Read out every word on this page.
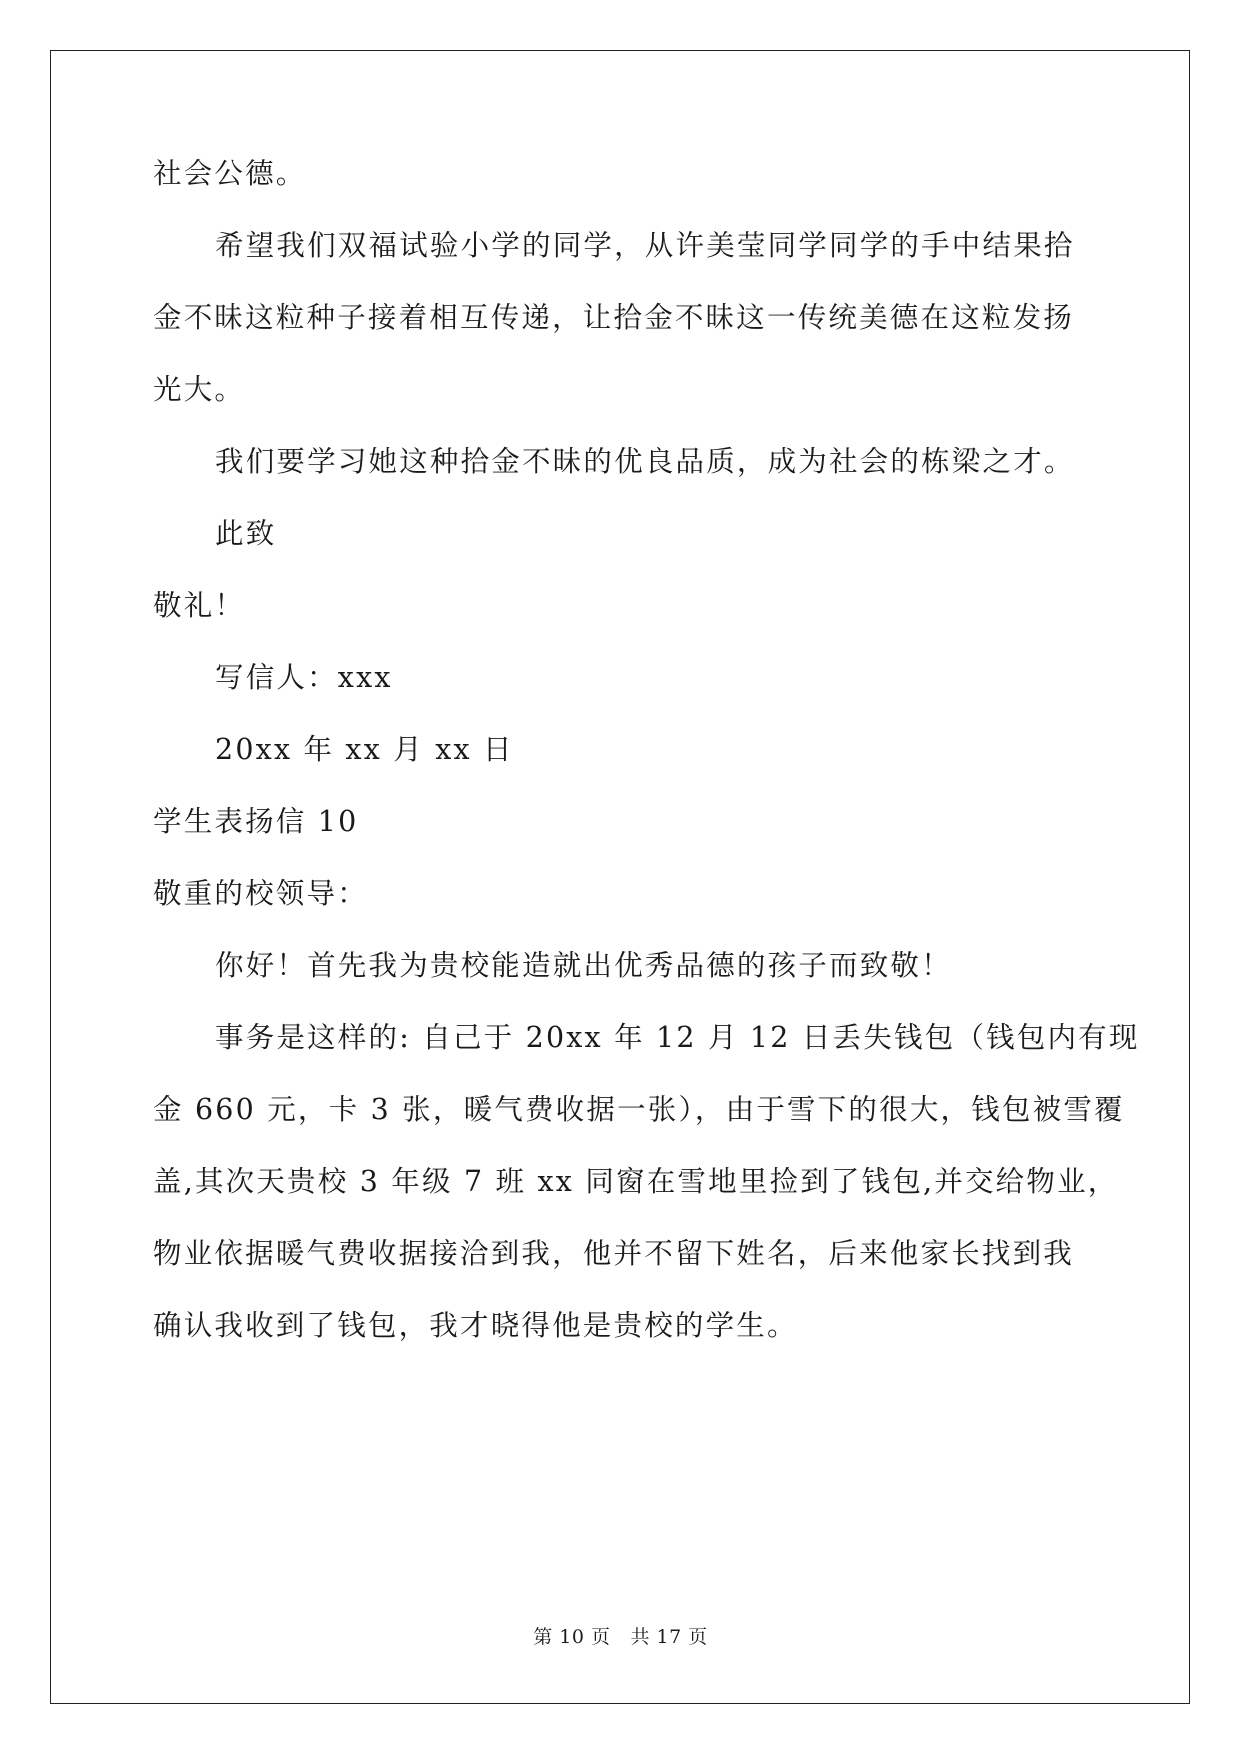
社会公德。
希望我们双福试验小学的同学，从许美莹同学同学的手中结果拾
金不昧这粒种子接着相互传递，让拾金不昧这一传统美德在这粒发扬
光大。
我们要学习她这种拾金不昧的优良品质，成为社会的栋梁之才。
此致
敬礼！
写信人：xxx
20xx 年 xx 月 xx 日
学生表扬信 10
敬重的校领导：
你好！首先我为贵校能造就出优秀品德的孩子而致敬！
事务是这样的: 自己于 20xx 年 12 月 12 日丢失钱包（钱包内有现
金 660 元，卡 3 张，暖气费收据一张），由于雪下的很大，钱包被雪覆
盖,其次天贵校 3 年级 7 班 xx 同窗在雪地里捡到了钱包,并交给物业，
物业依据暖气费收据接洽到我，他并不留下姓名，后来他家长找到我
确认我收到了钱包，我才晓得他是贵校的学生。
第 10 页 共 17 页
